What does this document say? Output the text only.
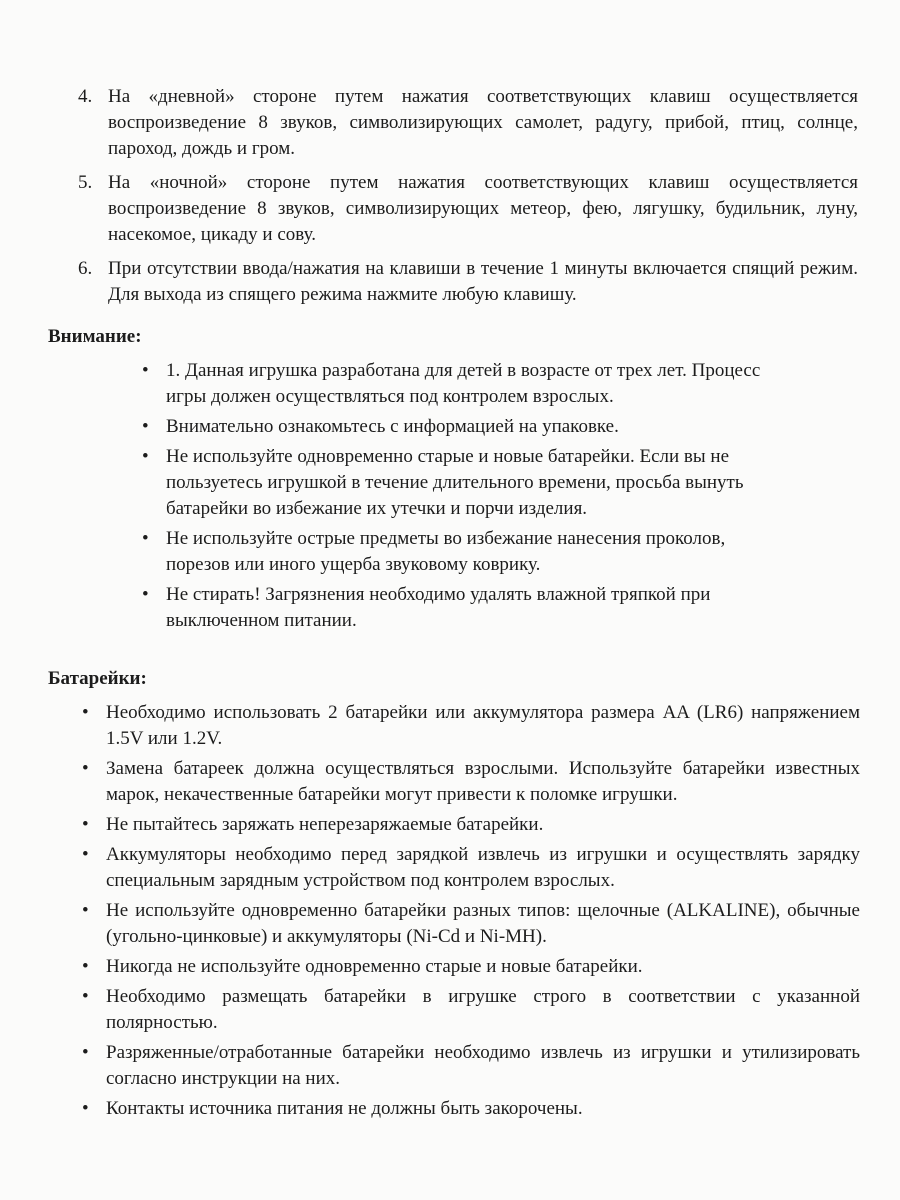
4. На «дневной» стороне путем нажатия соответствующих клавиш осуществляется воспроизведение 8 звуков, символизирующих самолет, радугу, прибой, птиц, солнце, пароход, дождь и гром.
5. На «ночной» стороне путем нажатия соответствующих клавиш осуществляется воспроизведение 8 звуков, символизирующих метеор, фею, лягушку, будильник, луну, насекомое, цикаду и сову.
6. При отсутствии ввода/нажатия на клавиши в течение 1 минуты включается спящий режим. Для выхода из спящего режима нажмите любую клавишу.
Внимание:
• 1. Данная игрушка разработана для детей в возрасте от трех лет. Процесс игры должен осуществляться под контролем взрослых.
• Внимательно ознакомьтесь с информацией на упаковке.
• Не используйте одновременно старые и новые батарейки. Если вы не пользуетесь игрушкой в течение длительного времени, просьба вынуть батарейки во избежание их утечки и порчи изделия.
• Не используйте острые предметы во избежание нанесения проколов, порезов или иного ущерба звуковому коврику.
• Не стирать! Загрязнения необходимо удалять влажной тряпкой при выключенном питании.
Батарейки:
• Необходимо использовать 2 батарейки или аккумулятора размера AA (LR6) напряжением 1.5V или 1.2V.
• Замена батареек должна осуществляться взрослыми. Используйте батарейки известных марок, некачественные батарейки могут привести к поломке игрушки.
• Не пытайтесь заряжать неперезаряжаемые батарейки.
• Аккумуляторы необходимо перед зарядкой извлечь из игрушки и осуществлять зарядку специальным зарядным устройством под контролем взрослых.
• Не используйте одновременно батарейки разных типов: щелочные (ALKALINE), обычные (угольно-цинковые) и аккумуляторы (Ni-Cd и Ni-MH).
• Никогда не используйте одновременно старые и новые батарейки.
• Необходимо размещать батарейки в игрушке строго в соответствии с указанной полярностью.
• Разряженные/отработанные батарейки необходимо извлечь из игрушки и утилизировать согласно инструкции на них.
• Контакты источника питания не должны быть закорочены.
